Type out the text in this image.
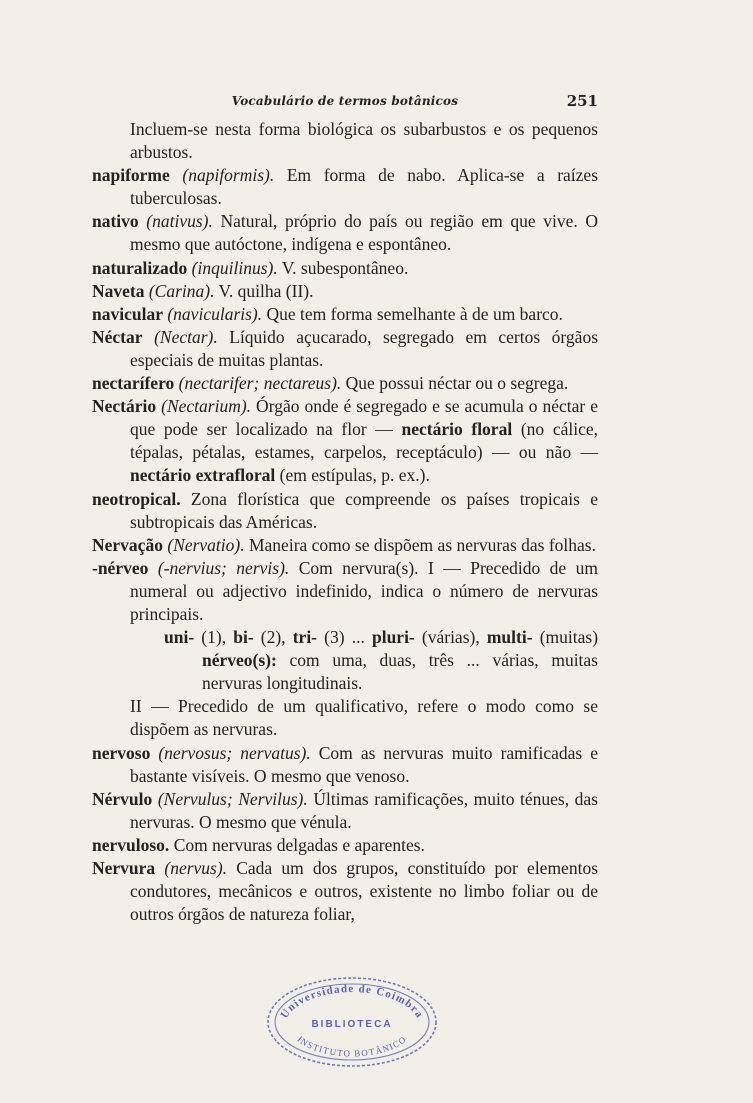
Vocabulário de termos botânicos	251

Incluem-se nesta forma biológica os subarbustos e os pequenos arbustos.

napiforme (napiformis). Em forma de nabo. Aplica-se a raízes tuberculosas.

nativo (nativus). Natural, próprio do país ou região em que vive. O mesmo que autóctone, indígena e espontâneo.

naturalizado (inquilinus). V. subespontâneo.

Naveta (Carina). V. quilha (II).

navicular (navicularis). Que tem forma semelhante à de um barco.

Néctar (Nectar). Líquido açucarado, segregado em certos órgãos especiais de muitas plantas.

nectarífero (nectarifer; nectareus). Que possui néctar ou o segrega.

Nectário (Nectarium). Órgão onde é segregado e se acumula o néctar e que pode ser localizado na flor — nectário floral (no cálice, tépalas, pétalas, estames, carpelos, receptáculo) — ou não — nectário extrafloral (em estípulas, p. ex.).

neotropical. Zona florística que compreende os países tropicais e subtropicais das Américas.

Nervação (Nervatio). Maneira como se dispõem as nervuras das folhas.

-nérveo (-nervius; nervis). Com nervura(s). I — Precedido de um numeral ou adjectivo indefinido, indica o número de nervuras principais.

uni- (1), bi- (2), tri- (3) ... pluri- (várias), multi- (muitas) nérveo(s): com uma, duas, três ... várias, muitas nervuras longitudinais.

II — Precedido de um qualificativo, refere o modo como se dispõem as nervuras.

nervoso (nervosus; nervatus). Com as nervuras muito ramificadas e bastante visíveis. O mesmo que venoso.

Nérvulo (Nervulus; Nervilus). Últimas ramificações, muito ténues, das nervuras. O mesmo que vénula.

nervuloso. Com nervuras delgadas e aparentes.

Nervura (nervus). Cada um dos grupos, constituído por elementos condutores, mecânicos e outros, existente no limbo foliar ou de outros órgãos de natureza foliar,

Universidade de Coimbra
BIBLIOTECA
INSTITUTO BOTÂNICO
